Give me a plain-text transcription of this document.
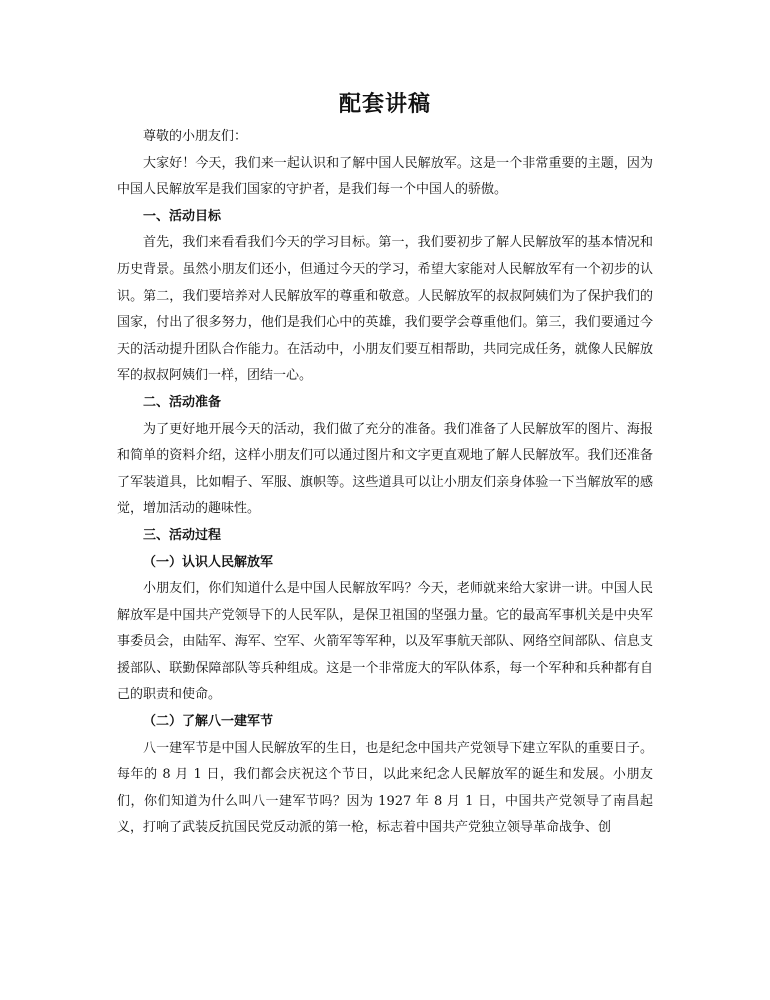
配套讲稿

尊敬的小朋友们：

大家好！今天，我们来一起认识和了解中国人民解放军。这是一个非常重要的主题，因为中国人民解放军是我们国家的守护者，是我们每一个中国人的骄傲。

一、活动目标

首先，我们来看看我们今天的学习目标。第一，我们要初步了解人民解放军的基本情况和历史背景。虽然小朋友们还小，但通过今天的学习，希望大家能对人民解放军有一个初步的认识。第二，我们要培养对人民解放军的尊重和敬意。人民解放军的叔叔阿姨们为了保护我们的国家，付出了很多努力，他们是我们心中的英雄，我们要学会尊重他们。第三，我们要通过今天的活动提升团队合作能力。在活动中，小朋友们要互相帮助，共同完成任务，就像人民解放军的叔叔阿姨们一样，团结一心。

二、活动准备

为了更好地开展今天的活动，我们做了充分的准备。我们准备了人民解放军的图片、海报和简单的资料介绍，这样小朋友们可以通过图片和文字更直观地了解人民解放军。我们还准备了军装道具，比如帽子、军服、旗帜等。这些道具可以让小朋友们亲身体验一下当解放军的感觉，增加活动的趣味性。

三、活动过程

（一）认识人民解放军

小朋友们，你们知道什么是中国人民解放军吗？今天，老师就来给大家讲一讲。中国人民解放军是中国共产党领导下的人民军队，是保卫祖国的坚强力量。它的最高军事机关是中央军事委员会，由陆军、海军、空军、火箭军等军种，以及军事航天部队、网络空间部队、信息支援部队、联勤保障部队等兵种组成。这是一个非常庞大的军队体系，每一个军种和兵种都有自己的职责和使命。

（二）了解八一建军节

八一建军节是中国人民解放军的生日，也是纪念中国共产党领导下建立军队的重要日子。每年的 8 月 1 日，我们都会庆祝这个节日，以此来纪念人民解放军的诞生和发展。小朋友们，你们知道为什么叫八一建军节吗？因为 1927 年 8 月 1 日，中国共产党领导了南昌起义，打响了武装反抗国民党反动派的第一枪，标志着中国共产党独立领导革命战争、创
